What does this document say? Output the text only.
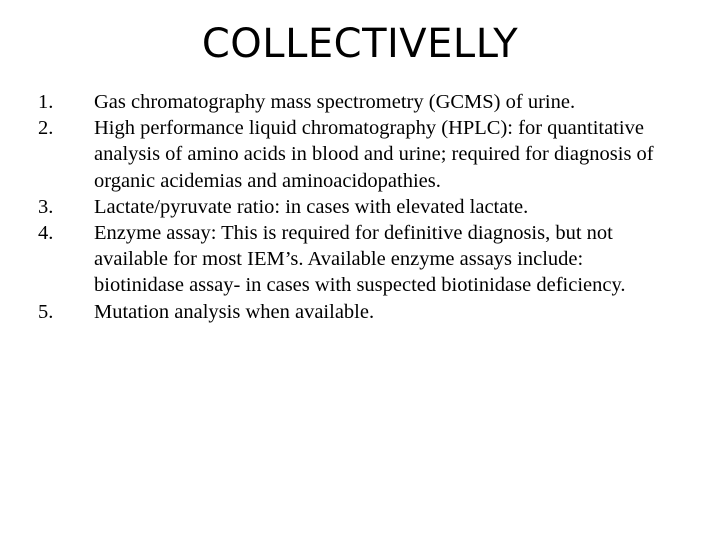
COLLECTIVELLY
1.	Gas chromatography mass spectrometry (GCMS) of urine.
2.	High performance liquid chromatography (HPLC): for quantitative analysis of amino acids in blood and urine; required for diagnosis of organic acidemias and aminoacidopathies.
3.	Lactate/pyruvate ratio: in cases with elevated lactate.
4.	Enzyme assay: This is required for definitive diagnosis, but not available for most IEM’s. Available enzyme assays include: biotinidase assay- in cases with suspected biotinidase deficiency.
5.	Mutation analysis when available.
